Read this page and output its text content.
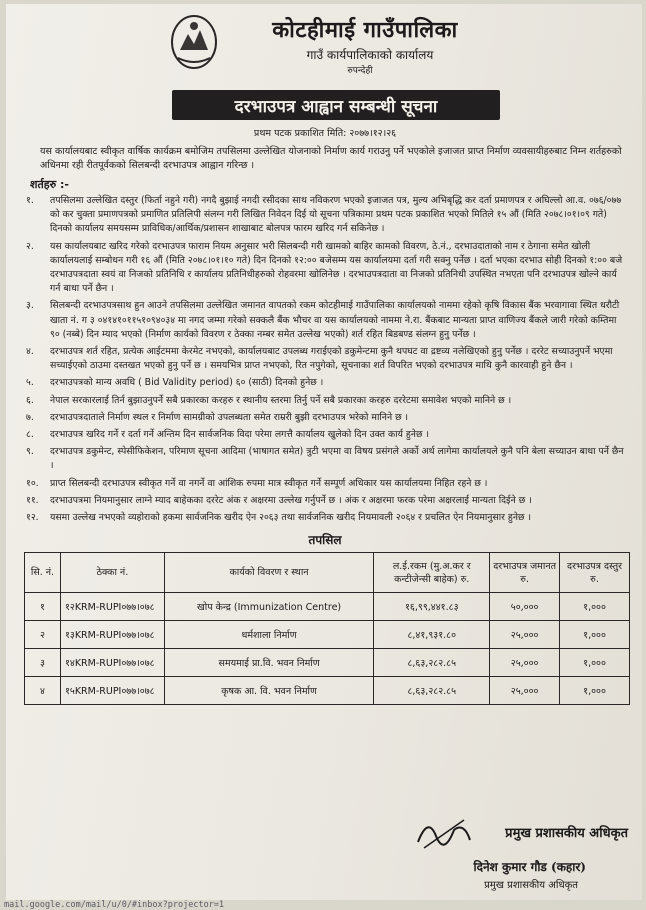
कोटहीमाई गाउँपालिका
गाउँ कार्यपालिकाको कार्यालय
रुपन्देही
दरभाउपत्र आह्वान सम्बन्धी सूचना
प्रथम पटक प्रकाशित मिति: २०७७।१२।२६
यस कार्यालयबाट स्वीकृत वार्षिक कार्यक्रम बमोजिम तपसिलमा उल्लेखित योजनाको निर्माण कार्य गराउनु पर्ने भएकोले इजाजत प्राप्त निर्माण व्यवसायीहरुबाट निम्न शर्तहरुको अधिनमा रही रीतपूर्वकको सिलबन्दी दरभाउपत्र आह्वान गरिन्छ ।
शर्तहरु :-
१.	तपसिलमा उल्लेखित दस्तुर (फिर्ता नहुने गरी) नगदै बुझाई नगदी रसीदका साथ नविकरण भएको इजाजत पत्र, मुल्य अभिबृद्धि कर दर्ता प्रमाणपत्र र अघिल्लो आ.व. ०७६/०७७ को कर चुक्ता प्रमाणपत्रको प्रमाणित प्रतिलिपी संलग्न गरी लिखित निवेदन दिई यो सूचना पत्रिकामा प्रथम पटक प्रकाशित भएको मितिले १५ औं (मिति २०७८।०१।०९ गते) दिनको कार्यालय समयसम्म प्राविधिक/आर्थिक/प्रशासन शाखाबाट बोलपत्र फारम खरिद गर्न सकिनेछ ।
२.	यस कार्यालयबाट खरिद गरेको दरभाउपत्र फाराम नियम अनुसार भरी सिलबन्दी गरी खामको बाहिर कामको विवरण, ठे.नं., दरभाउदाताको नाम र ठेगाना समेत खोली कार्यालयलाई सम्बोधन गरी १६ औं (मिति २०७८।०१।१० गते) दिन दिनको १२:०० बजेसम्म यस कार्यालयमा दर्ता गरी सक्नु पर्नेछ । दर्ता भएका दरभाउ सोही दिनको १:०० बजे दरभाउपत्रदाता स्वयं वा निजको प्रतिनिधि र कार्यालय प्रतिनिधीहरुको रोहवरमा खोलिनेछ । दरभाउपत्रदाता वा निजको प्रतिनिधी उपस्थित नभएता पनि दरभाउपत्र खोल्ने कार्य गर्न बाधा पर्ने छैन ।
३.	सिलबन्दी दरभाउपत्रसाथ हुन आउने तपसिलमा उल्लेखित जमानत वापतको रकम कोटहीमाई गाउँपालिका कार्यालयको नाममा रहेको कृषि विकास बैंक भरवागावा स्थित धरौटी खाता नं. ग ३ ०४१४१०११५१०९४०३४ मा नगद जम्मा गरेको सक्कलै बैंक भौचर वा यस कार्यालयको नाममा ने.रा. बैंकबाट मान्यता प्राप्त वाणिज्य बैंकले जारी गरेको कम्तिमा ९० (नब्बे) दिन म्याद भएको (निर्माण कार्यको विवरण र ठेक्का नम्बर समेत उल्लेख भएको) शर्त रहित बिडबण्ड संलग्न हुनु पर्नेछ ।
४.	दरभाउपत्र शर्त रहित, प्रत्येक आईटममा केरमेट नभएको, कार्यालयबाट उपलब्ध गराईएको डकुमेन्टमा कुनै थपघट वा द्रष्टव्य नलेखिएको हुनु पर्नेछ । दररेट सच्याउनुपर्ने भएमा सच्याईएको ठाउमा दस्तखत भएको हुनु पर्ने छ । समयभित्र प्राप्त नभएको, रित नपुगेको, सूचनाका शर्त विपरित भएको दरभाउपत्र माथि कुनै कारवाही हुने छैन ।
५.	दरभाउपत्रको मान्य अवधि ( Bid Validity period) ६० (साठी) दिनको हुनेछ ।
६.	नेपाल सरकारलाई तिर्न बुझाउनुपर्ने सबै प्रकारका करहरु र स्थानीय स्तरमा तिर्नु पर्ने सबै प्रकारका करहरु दररेटमा समावेश भएको मानिने छ ।
७.	दरभाउपत्रदाताले निर्माण स्थल र निर्माण सामग्रीको उपलब्धता समेत राम्ररी बुझी दरभाउपत्र भरेको मानिने छ ।
८.	दरभाउपत्र खरिद गर्ने र दर्ता गर्ने अन्तिम दिन सार्वजनिक विदा परेमा लगत्तै कार्यालय खुलेको दिन उक्त कार्य हुनेछ ।
९.	दरभाउपत्र डकुमेन्ट, स्पेसीफिकेशन, परिमाण सूचना आदिमा (भाषागत समेत) त्रुटी भएमा वा विषय प्रसंगले अर्को अर्थ लागेमा कार्यालयले कुनै पनि बेला सच्याउन बाधा पर्ने छैन ।
१०.	प्राप्त सिलबन्दी दरभाउपत्र स्वीकृत गर्ने वा नगर्ने वा आंशिक रुपमा मात्र स्वीकृत गर्ने सम्पूर्ण अधिकार यस कार्यालयमा निहित रहने छ ।
११.	दरभाउपत्रमा नियमानुसार लाग्ने म्याद बाहेकका दररेट अंक र अक्षरमा उल्लेख गर्नुपर्ने छ । अंक र अक्षरमा फरक परेमा अक्षरलाई मान्यता दिईने छ ।
१२.	यसमा उल्लेख नभएको व्यहोराको हकमा सार्वजनिक खरीद ऐन २०६३ तथा सार्वजनिक खरीद नियमावली २०६४ र प्रचलित ऐन नियमानुसार हुनेछ ।
तपसिल
सि. नं.	ठेक्का नं.	कार्यको विवरण र स्थान	ल.ई.रकम (मु.अ.कर र कन्टीजेन्सी बाहेक) रु.	दरभाउपत्र जमानत रु.	दरभाउपत्र दस्तुर रु.
१	१२KRM-RUPI०७७।०७८	खोप केन्द्र (Immunization Centre)	१६,९९,४४१.८३	५०,०००	१,०००
२	१३KRM-RUPI०७७।०७८	धर्मशाला निर्माण	८,४१,९३१.८०	२५,०००	१,०००
३	१४KRM-RUPI०७७।०७८	समयमाई प्रा.वि. भवन निर्माण	८,६३,२८२.८५	२५,०००	१,०००
४	१५KRM-RUPI०७७।०७८	कृषक आ. वि. भवन निर्माण	८,६३,२८२.८५	२५,०००	१,०००
प्रमुख प्रशासकीय अधिकृत
दिनेश कुमार गौड (कहार)
प्रमुख प्रशासकीय अधिकृत
mail.google.com/mail/u/0/#inbox?projector=1
